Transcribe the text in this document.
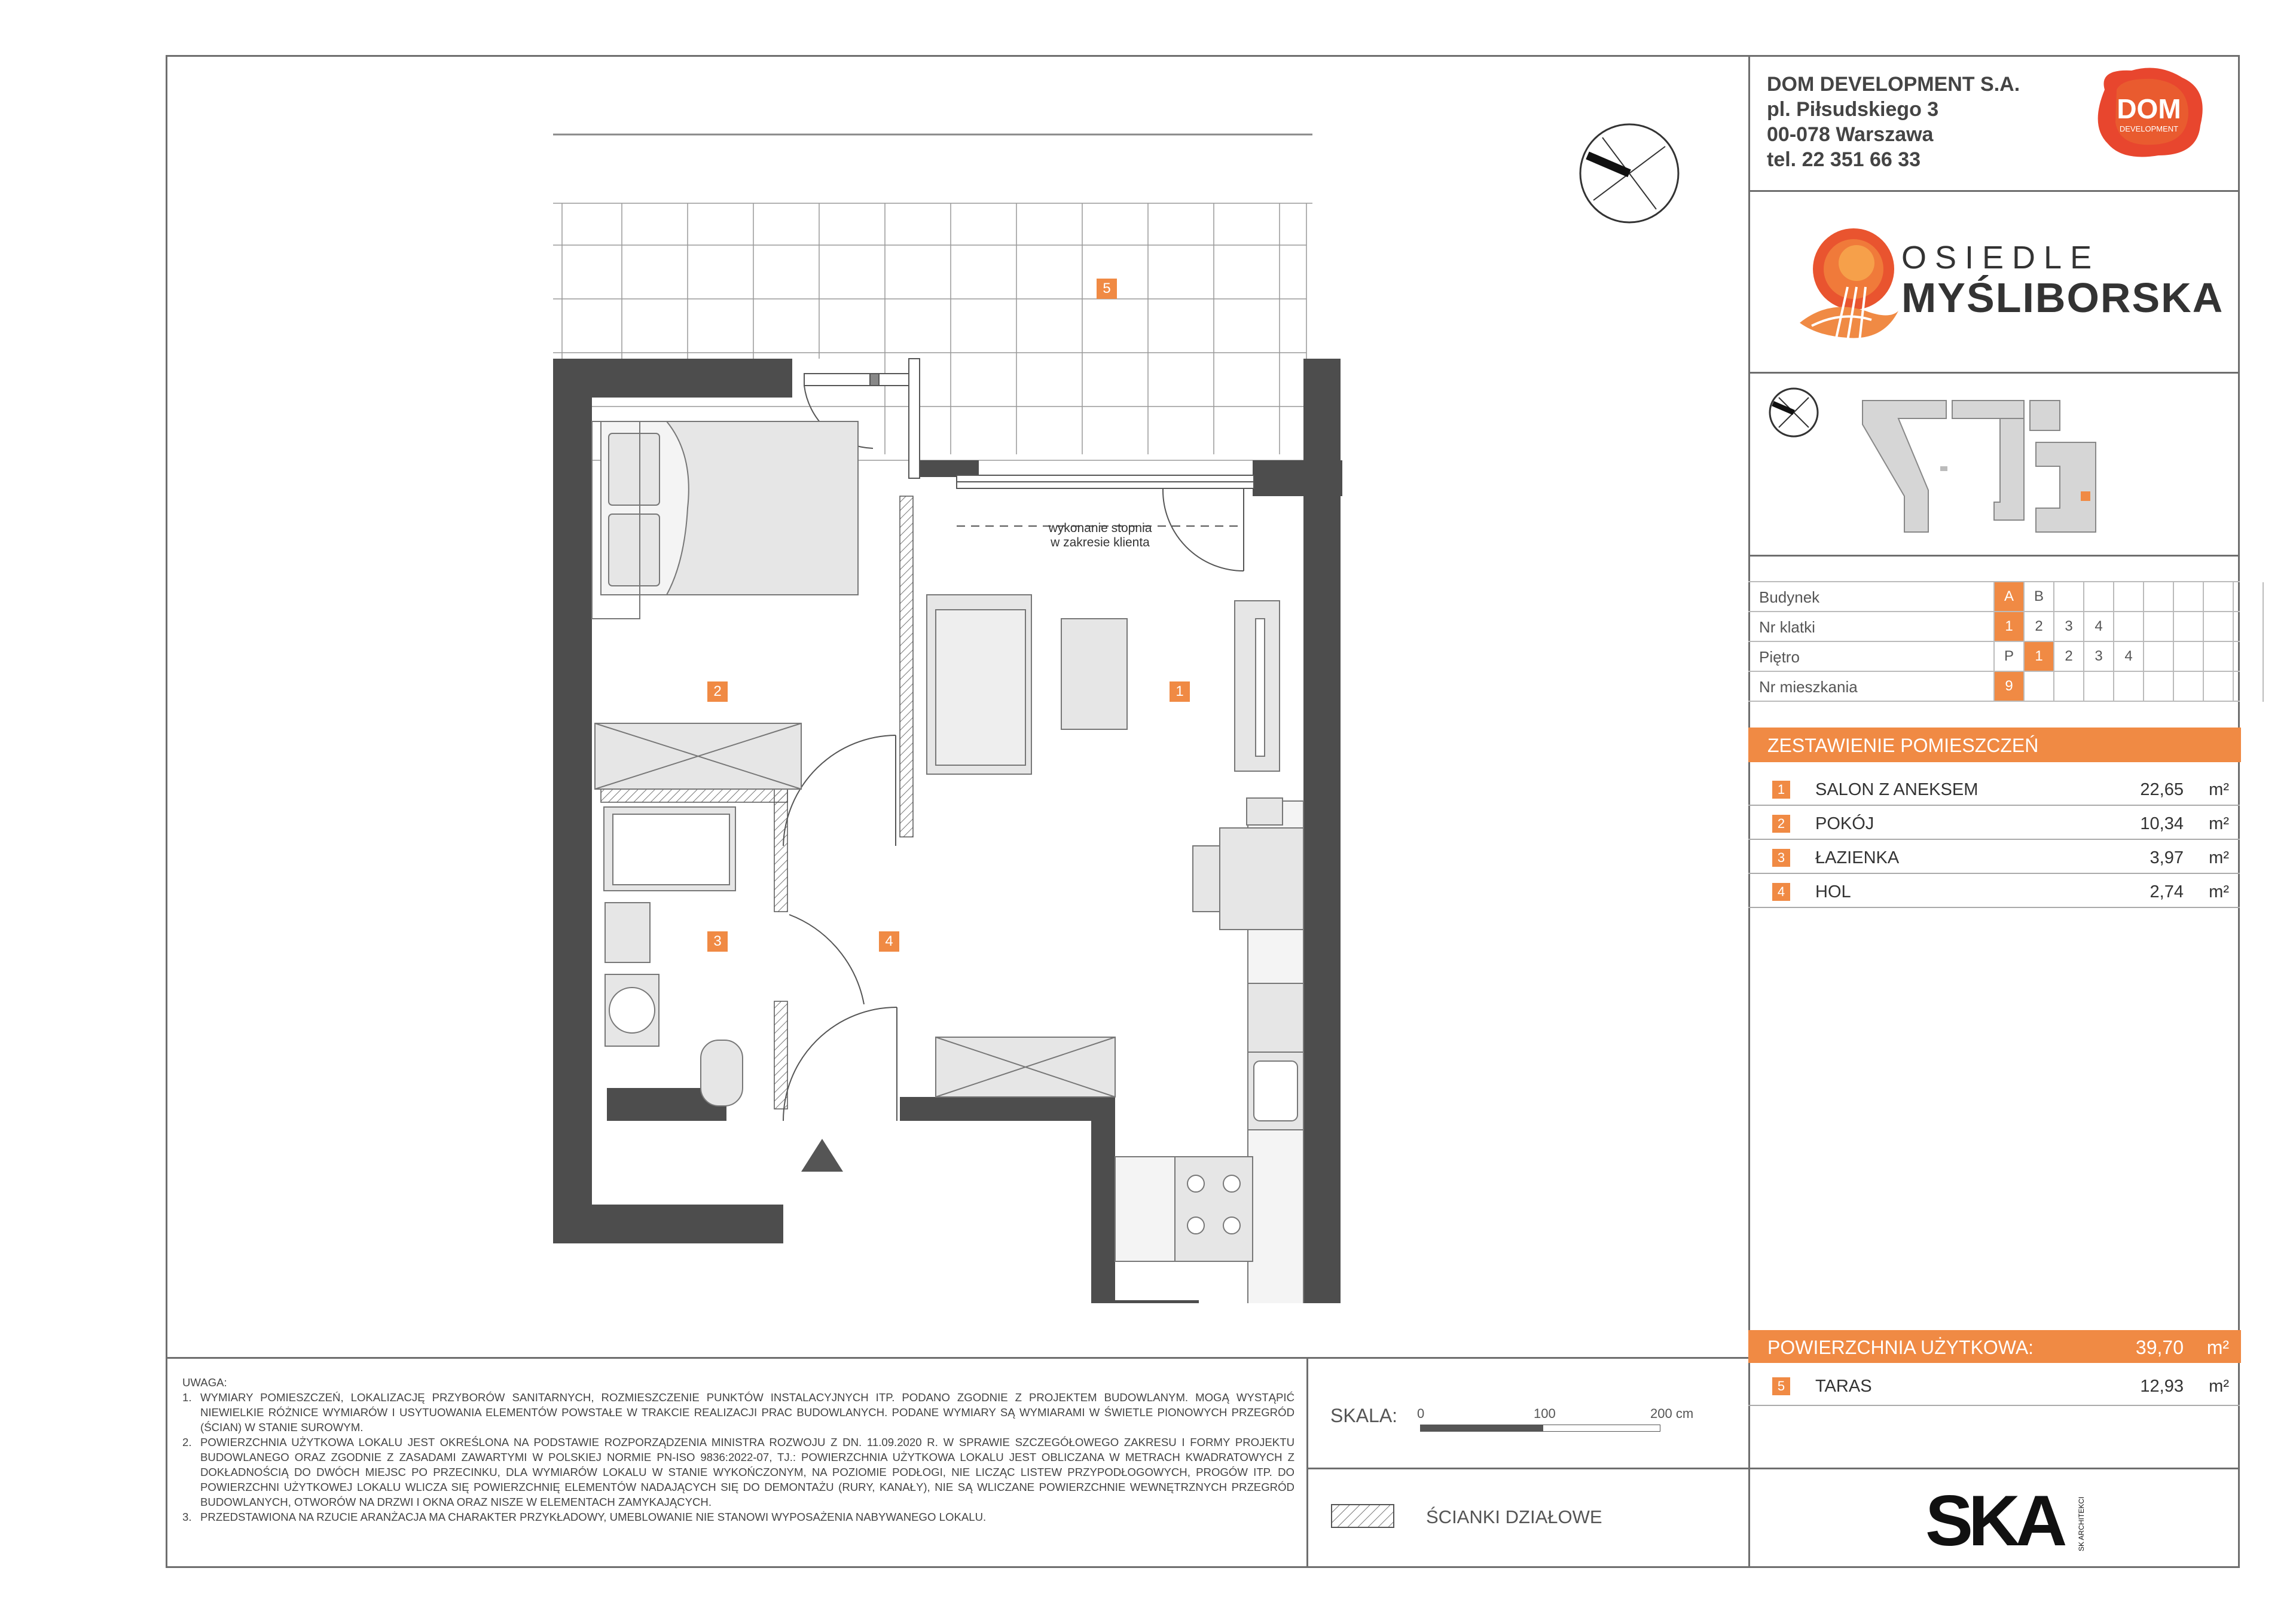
DOM DEVELOPMENT S.A.
pl. Piłsudskiego 3
00-078 Warszawa
tel. 22 351 66 33
DOM
DEVELOPMENT
OSIEDLE
MYŚLIBORSKA
Budynek	A	B
Nr klatki	1	2	3	4
Piętro	P	1	2	3	4
Nr mieszkania	9
ZESTAWIENIE POMIESZCZEŃ
1	SALON Z ANEKSEM	22,65 m²
2	POKÓJ	10,34 m²
3	ŁAZIENKA	3,97 m²
4	HOL	2,74 m²
POWIERZCHNIA UŻYTKOWA:	39,70 m²
5	TARAS	12,93 m²
1
2
3	4
5
wykonanie stopnia
w zakresie klienta

UWAGA:

1. WYMIARY POMIESZCZEŃ, LOKALIZACJĘ PRZYBORÓW SANITARNYCH, ROZMIESZCZENIE PUNKTÓW INSTALACYJNYCH ITP. PODANO ZGODNIE Z PROJEKTEM BUDOWLANYM. MOGĄ WYSTĄPIĆ NIEWIELKIE RÓŻNICE WYMIARÓW I USYTUOWANIA ELEMENTÓW POWSTAŁE W TRAKCIE REALIZACJI PRAC BUDOWLANYCH. PODANE WYMIARY SĄ WYMIARAMI W ŚWIETLE PIONOWYCH PRZEGRÓD (ŚCIAN) W STANIE SUROWYM.
2. POWIERZCHNIA UŻYTKOWA LOKALU JEST OKREŚLONA NA PODSTAWIE ROZPORZĄDZENIA MINISTRA ROZWOJU Z DN. 11.09.2020 R. W SPRAWIE SZCZEGÓŁOWEGO ZAKRESU I FORMY PROJEKTU BUDOWLANEGO ORAZ ZGODNIE Z ZASADAMI ZAWARTYMI W POLSKIEJ NORMIE PN-ISO 9836:2022-07, TJ.: POWIERZCHNIA UŻYTKOWA LOKALU JEST OBLICZANA W METRACH KWADRATOWYCH Z DOKŁADNOŚCIĄ DO DWÓCH MIEJSC PO PRZECINKU, DLA WYMIARÓW LOKALU W STANIE WYKOŃCZONYM, NA POZIOMIE PODŁOGI, NIE LICZĄC LISTEW PRZYPODŁOGOWYCH, PROGÓW ITP. DO POWIERZCHNI UŻYTKOWEJ LOKALU WLICZA SIĘ POWIERZCHNIĘ ELEMENTÓW NADAJĄCYCH SIĘ DO DEMONTAŻU (RURY, KANAŁY), NIE SĄ WLICZANE POWIERZCHNIE WEWNĘTRZNYCH PRZEGRÓD BUDOWLANYCH, OTWORÓW NA DRZWI I OKNA ORAZ NISZE W ELEMENTACH ZAMYKAJĄCYCH.
3. PRZEDSTAWIONA NA RZUCIE ARANŻACJA MA CHARAKTER PRZYKŁADOWY, UMEBLOWANIE NIE STANOWI WYPOSAŻENIA NABYWANEGO LOKALU.
SKALA: 0	100	200 cm
ŚCIANKI DZIAŁOWE	SKA	SK ARCHITEKCI
